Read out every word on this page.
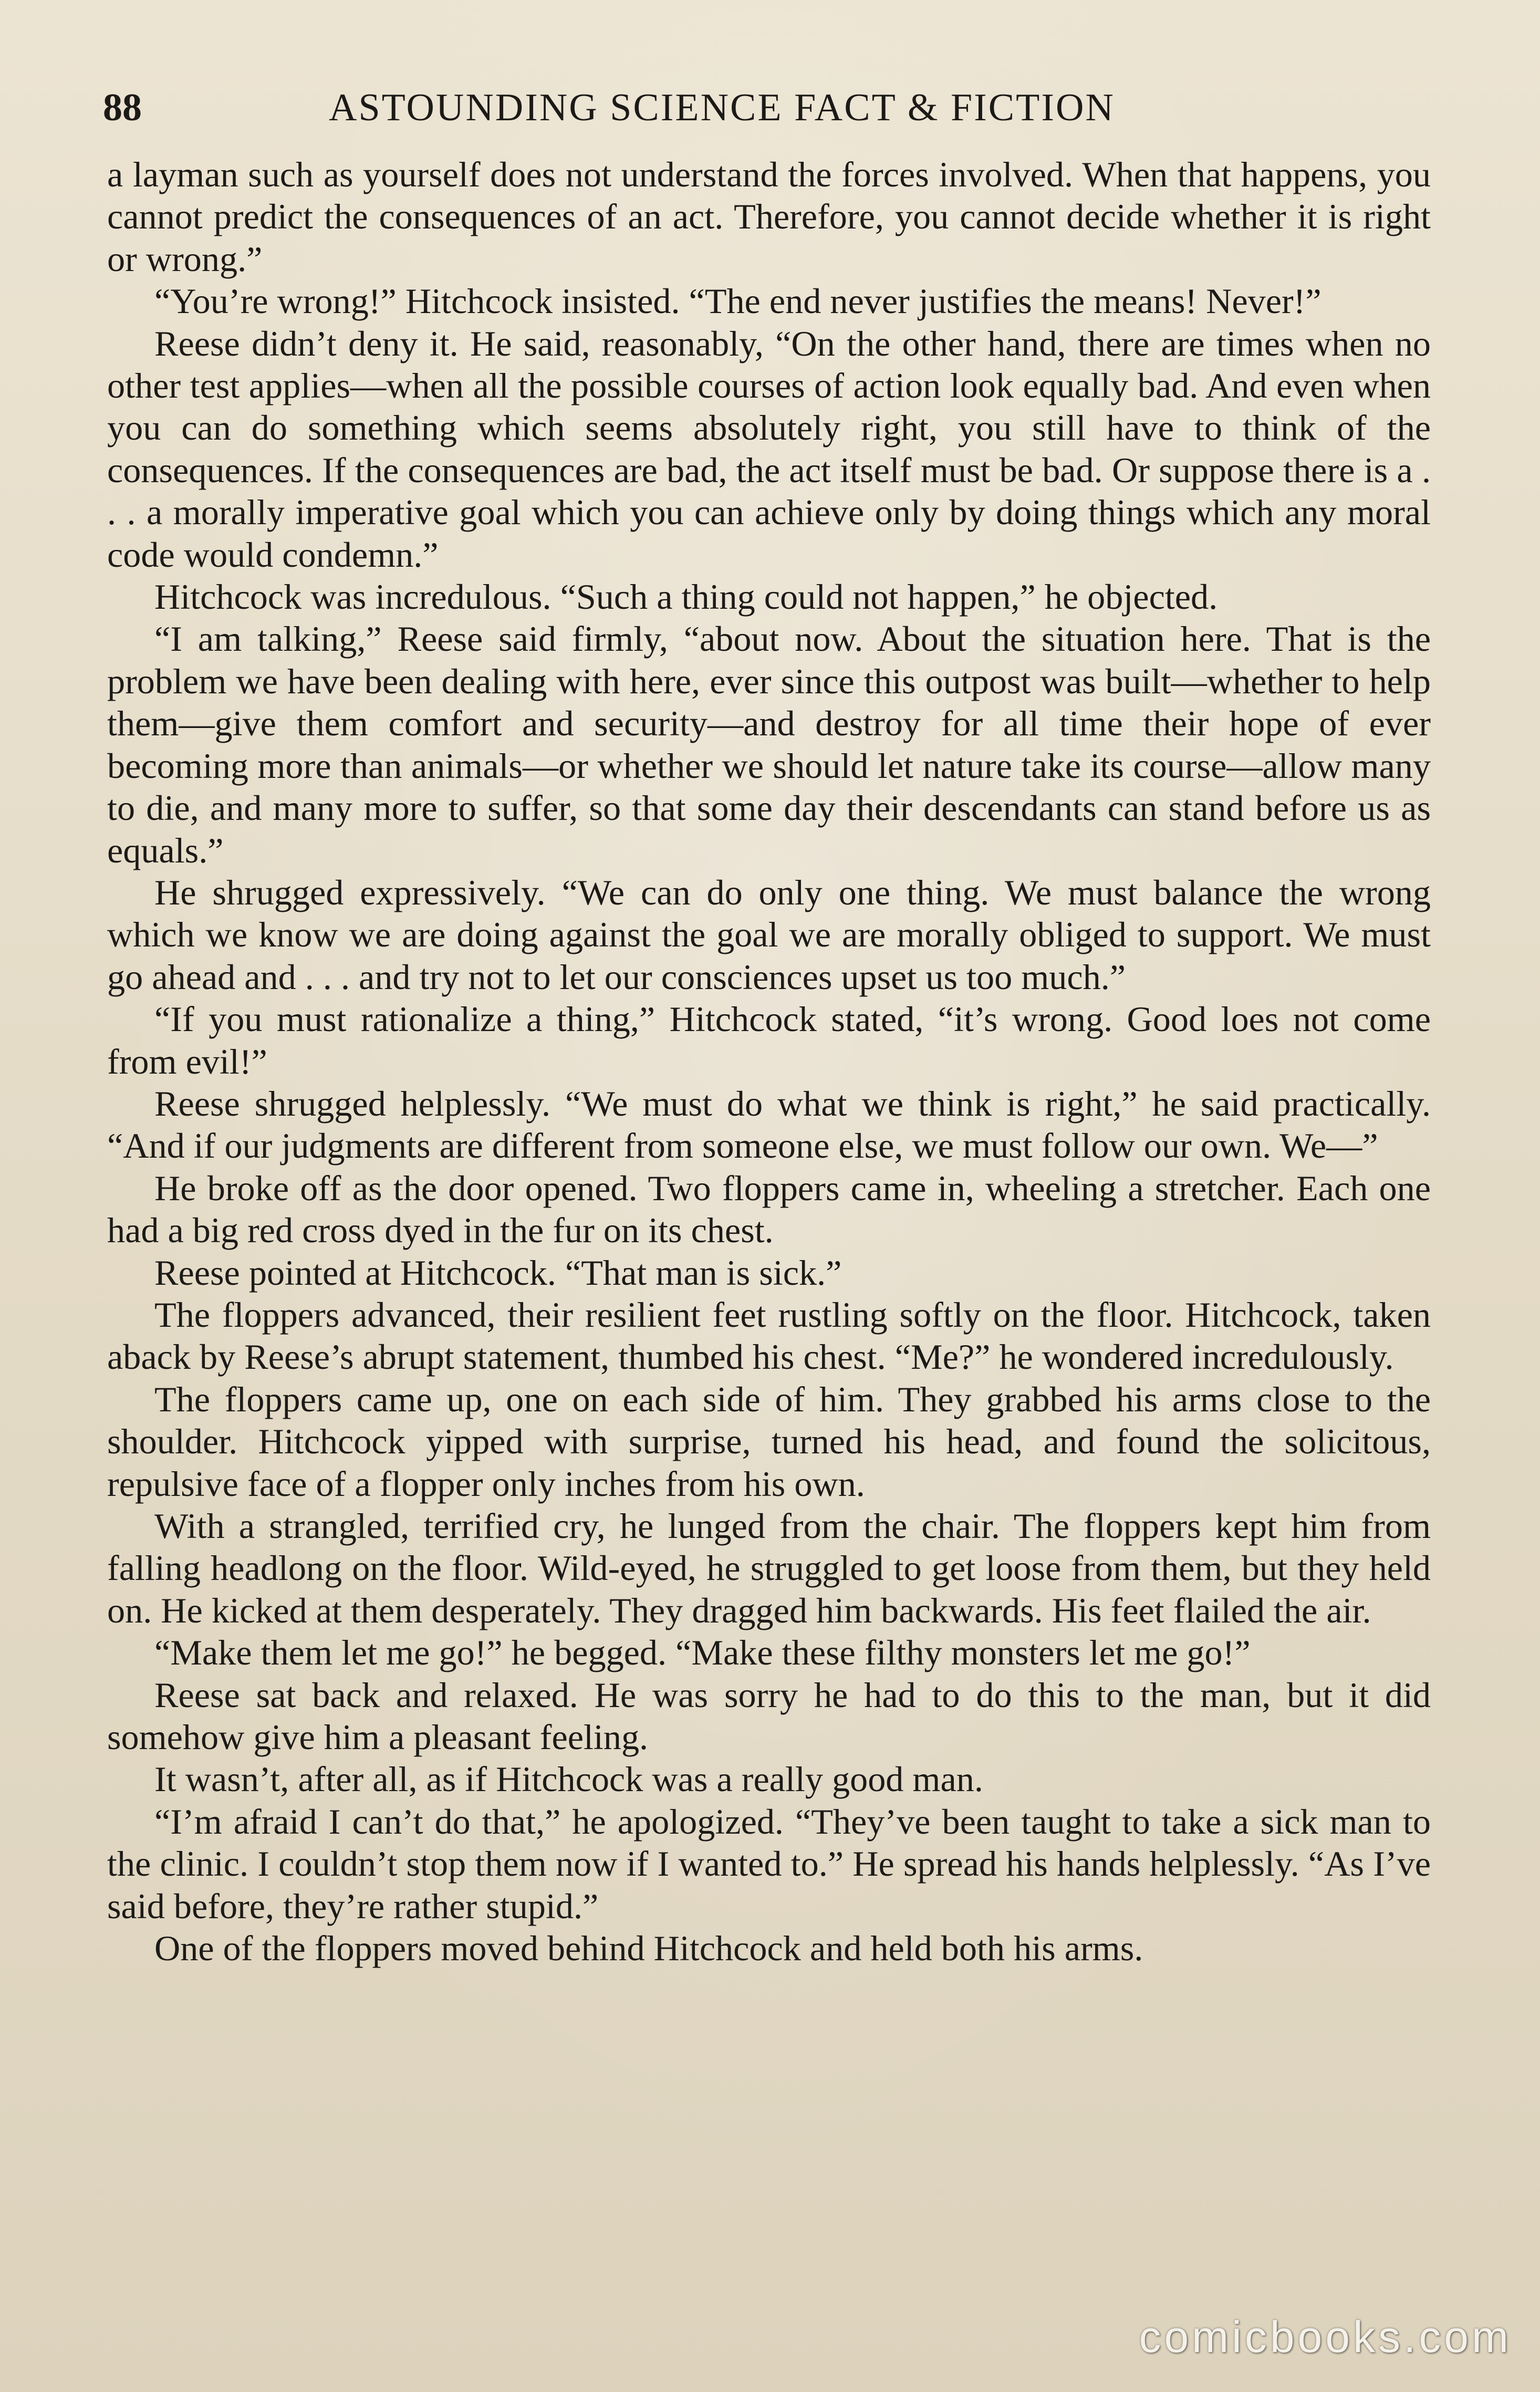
88	ASTOUNDING SCIENCE FACT & FICTION

a layman such as yourself does not understand the forces involved. When that happens, you cannot predict the consequences of an act. Therefore, you cannot decide whether it is right or wrong.”

“You’re wrong!” Hitchcock insisted. “The end never justifies the means! Never!”

Reese didn’t deny it. He said, reasonably, “On the other hand, there are times when no other test applies—when all the possible courses of action look equally bad. And even when you can do something which seems absolutely right, you still have to think of the consequences. If the consequences are bad, the act itself must be bad. Or suppose there is a . . . a morally imperative goal which you can achieve only by doing things which any moral code would condemn.”

Hitchcock was incredulous. “Such a thing could not happen,” he objected.

“I am talking,” Reese said firmly, “about now. About the situation here. That is the problem we have been dealing with here, ever since this outpost was built—whether to help them—give them comfort and security—and destroy for all time their hope of ever becoming more than animals—or whether we should let nature take its course—allow many to die, and many more to suffer, so that some day their descendants can stand before us as equals.”

He shrugged expressively. “We can do only one thing. We must balance the wrong which we know we are doing against the goal we are morally obliged to support. We must go ahead and . . . and try not to let our consciences upset us too much.”

“If you must rationalize a thing,” Hitchcock stated, “it’s wrong. Good loes not come from evil!”

Reese shrugged helplessly. “We must do what we think is right,” he said practically. “And if our judgments are different from someone else, we must follow our own. We—”

He broke off as the door opened. Two floppers came in, wheeling a stretcher. Each one had a big red cross dyed in the fur on its chest.

Reese pointed at Hitchcock. “That man is sick.”

The floppers advanced, their resilient feet rustling softly on the floor. Hitchcock, taken aback by Reese’s abrupt statement, thumbed his chest. “Me?” he wondered incredulously.

The floppers came up, one on each side of him. They grabbed his arms close to the shoulder. Hitchcock yipped with surprise, turned his head, and found the solicitous, repulsive face of a flopper only inches from his own.

With a strangled, terrified cry, he lunged from the chair. The floppers kept him from falling headlong on the floor. Wild-eyed, he struggled to get loose from them, but they held on. He kicked at them desperately. They dragged him backwards. His feet flailed the air.

“Make them let me go!” he begged. “Make these filthy monsters let me go!”

Reese sat back and relaxed. He was sorry he had to do this to the man, but it did somehow give him a pleasant feeling.

It wasn’t, after all, as if Hitchcock was a really good man.

“I’m afraid I can’t do that,” he apologized. “They’ve been taught to take a sick man to the clinic. I couldn’t stop them now if I wanted to.” He spread his hands helplessly. “As I’ve said before, they’re rather stupid.”

One of the floppers moved behind Hitchcock and held both his arms.

comicbooks.com
